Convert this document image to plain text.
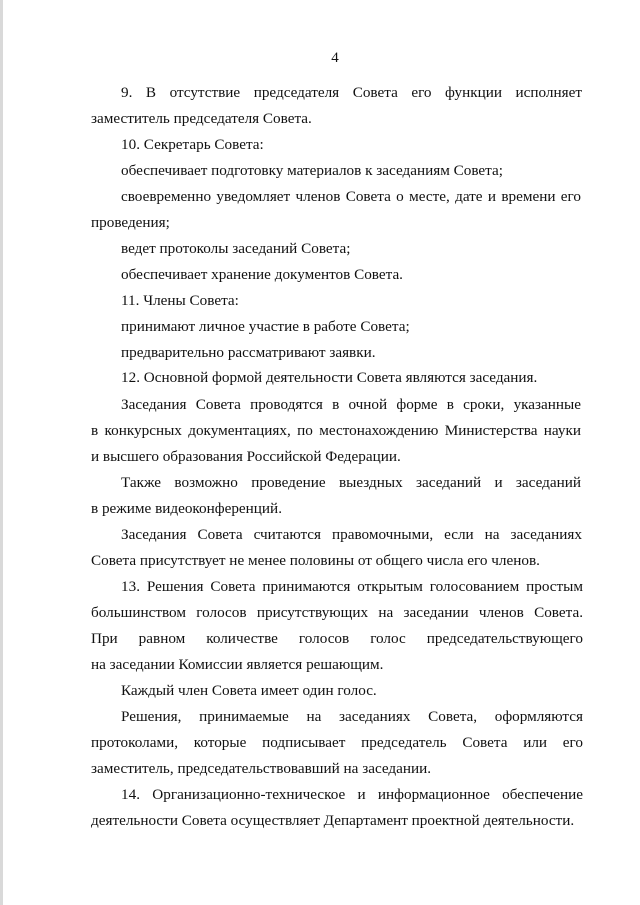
4
9. В отсутствие председателя Совета его функции исполняет
заместитель председателя Совета.
10. Секретарь Совета:
обеспечивает подготовку материалов к заседаниям Совета;
своевременно уведомляет членов Совета о месте, дате и времени его
проведения;
ведет протоколы заседаний Совета;
обеспечивает хранение документов Совета.
11. Члены Совета:
принимают личное участие в работе Совета;
предварительно рассматривают заявки.
12. Основной формой деятельности Совета являются заседания.
Заседания Совета проводятся в очной форме в сроки, указанные
в конкурсных документациях, по местонахождению Министерства науки
и высшего образования Российской Федерации.
Также возможно проведение выездных заседаний и заседаний
в режиме видеоконференций.
Заседания Совета считаются правомочными, если на заседаниях
Совета присутствует не менее половины от общего числа его членов.
13. Решения Совета принимаются открытым голосованием простым
большинством голосов присутствующих на заседании членов Совета.
При равном количестве голосов голос председательствующего
на заседании Комиссии является решающим.
Каждый член Совета имеет один голос.
Решения, принимаемые на заседаниях Совета, оформляются
протоколами, которые подписывает председатель Совета или его
заместитель, председательствовавший на заседании.
14. Организационно-техническое и информационное обеспечение
деятельности Совета осуществляет Департамент проектной деятельности.
